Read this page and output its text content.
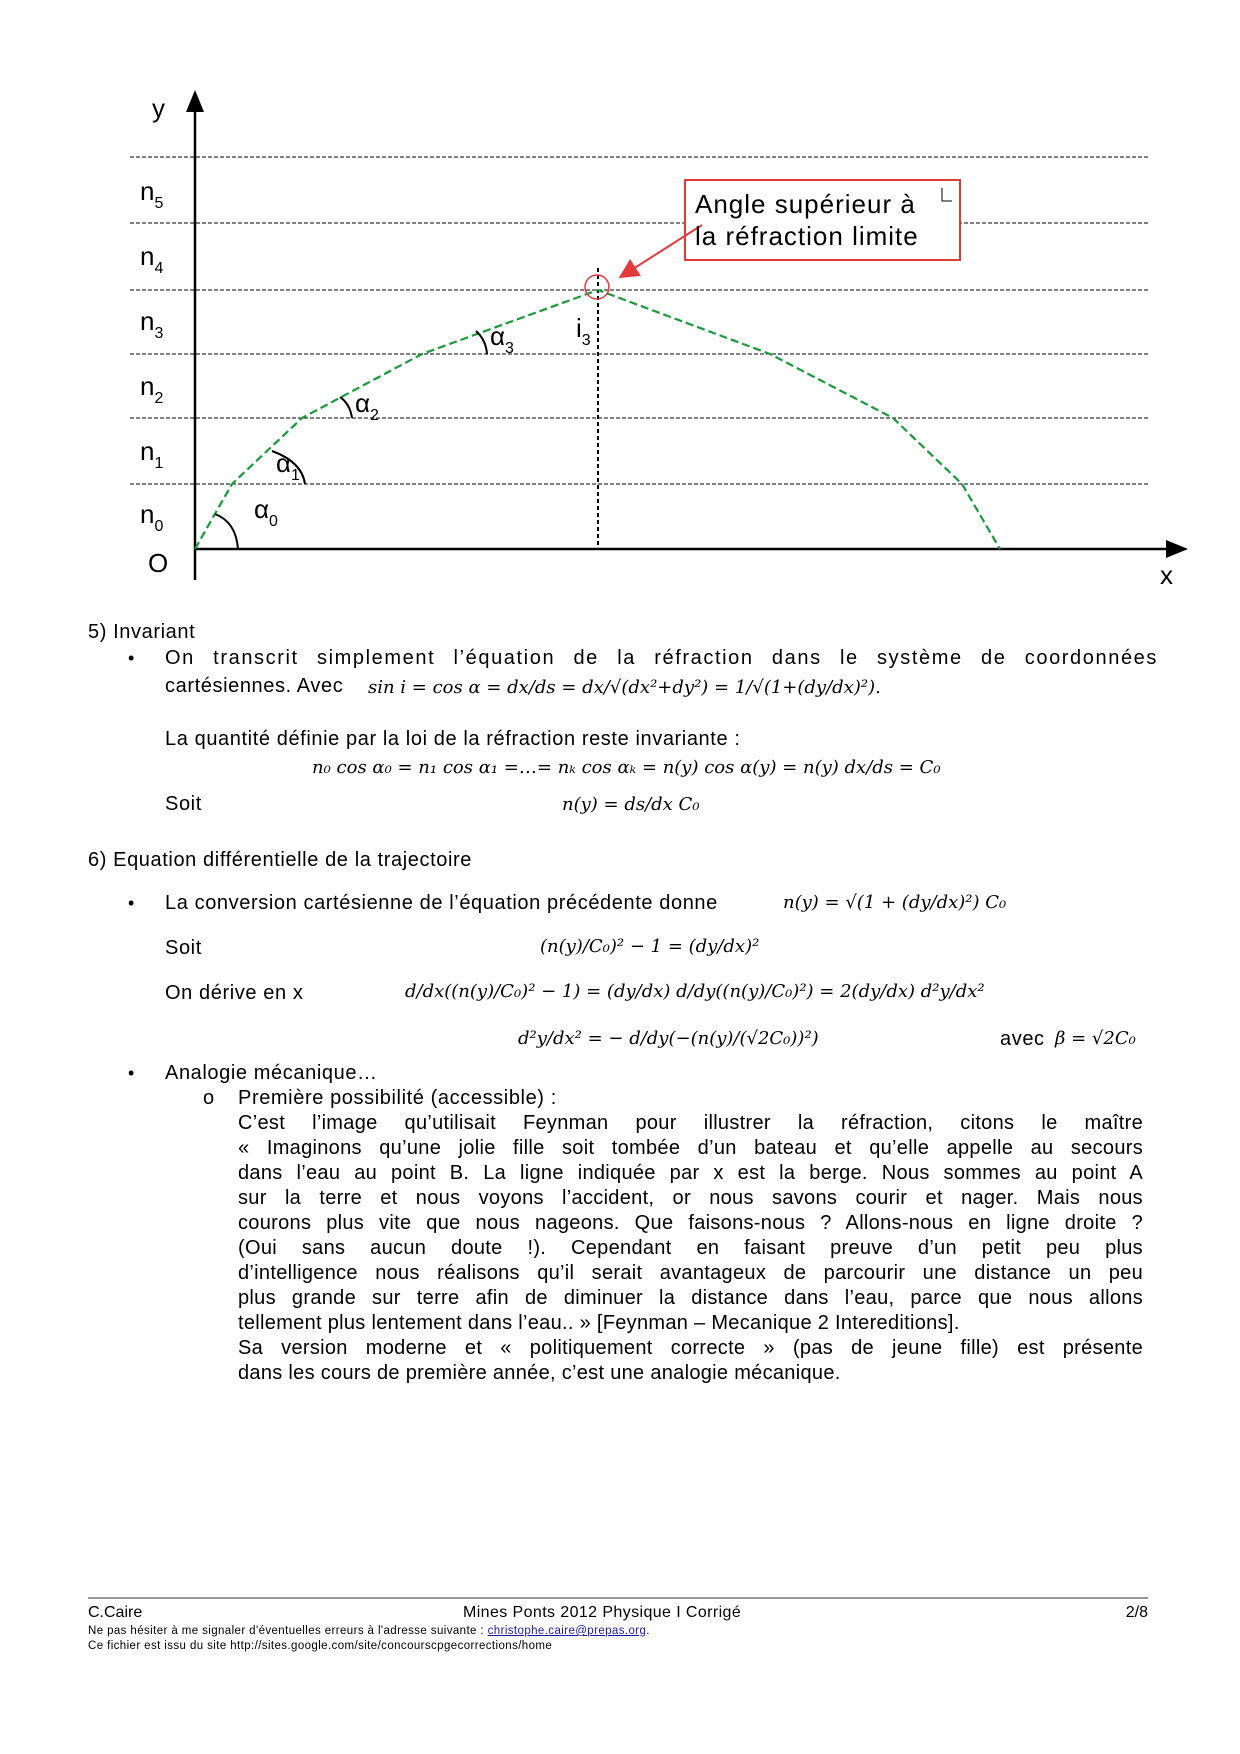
Angle supérieur à
la réfraction limite
y
x
O
$n_5$
$n_4$
$n_3$
$n_2$
$n_1$
$n_0$
$\alpha_0$
$\alpha_1$
$\alpha_2$
$\alpha_3$
$i_3$
5) Invariant
• On transcrit simplement l’équation de la réfraction dans le système de coordonnées
cartésiennes. Avec sin i = cos α = dx/ds = dx/√(dx²+dy²) = 1/√(1+(dy/dx)²).
La quantité définie par la loi de la réfraction reste invariante :
n₀ cos α₀ = n₁ cos α₁ =…= nₖ cos αₖ = n(y) cos α(y) = n(y) dx/ds = C₀
Soit	n(y) = ds/dx C₀
6) Equation différentielle de la trajectoire
• La conversion cartésienne de l’équation précédente donne	n(y) = √(1 + (dy/dx)²) C₀
Soit	(n(y)/C₀)² − 1 = (dy/dx)²
On dérive en x	d/dx((n(y)/C₀)² − 1) = (dy/dx) d/dy((n(y)/C₀)²) = 2(dy/dx) d²y/dx²
d²y/dx² = − d/dy(−(n(y)/(√2C₀))²)	avec β = √2C₀
• Analogie mécanique…
o Première possibilité (accessible) :
C’est l’image qu’utilisait Feynman pour illustrer la réfraction, citons le maître
« Imaginons qu’une jolie fille soit tombée d’un bateau et qu’elle appelle au secours
dans l’eau au point B. La ligne indiquée par x est la berge. Nous sommes au point A
sur la terre et nous voyons l’accident, or nous savons courir et nager. Mais nous
courons plus vite que nous nageons. Que faisons-nous ? Allons-nous en ligne droite ?
(Oui sans aucun doute !). Cependant en faisant preuve d’un petit peu plus
d’intelligence nous réalisons qu’il serait avantageux de parcourir une distance un peu
plus grande sur terre afin de diminuer la distance dans l’eau, parce que nous allons
tellement plus lentement dans l’eau.. » [Feynman – Mecanique 2 Intereditions].
Sa version moderne et « politiquement correcte » (pas de jeune fille) est présente
dans les cours de première année, c’est une analogie mécanique.
C.Caire	Mines Ponts 2012 Physique I Corrigé	2/8
Ne pas hésiter à me signaler d'éventuelles erreurs à l'adresse suivante : christophe.caire@prepas.org.
Ce fichier est issu du site http://sites.google.com/site/concourscpgecorrections/home
